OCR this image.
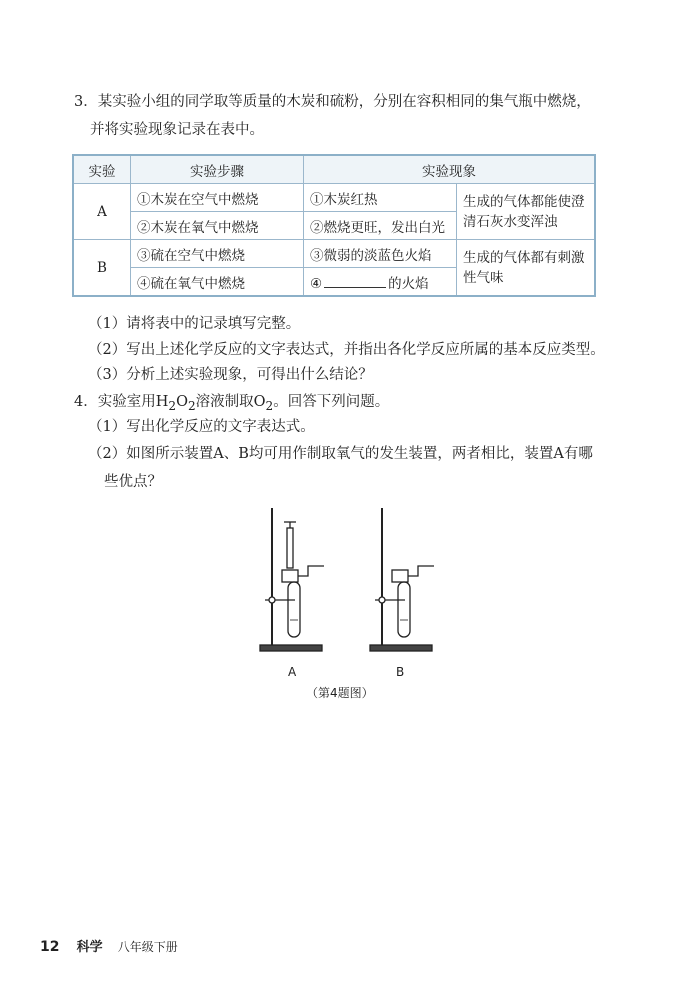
3．某实验小组的同学取等质量的木炭和硫粉，分别在容积相同的集气瓶中燃烧，
并将实验现象记录在表中。
实验	实验步骤	实验现象	
A	①木炭在空气中燃烧	①木炭红热	生成的气体都能使澄清石灰水变浑浊
	②木炭在氧气中燃烧	②燃烧更旺，发出白光	
B	③硫在空气中燃烧	③微弱的淡蓝色火焰	生成的气体都有刺激性气味
	④硫在氧气中燃烧	④ 的火焰	
（1）请将表中的记录填写完整。
（2）写出上述化学反应的文字表达式，并指出各化学反应所属的基本反应类型。
（3）分析上述实验现象，可得出什么结论？
4．实验室用$H_2O_2$溶液制取$O_2$。回答下列问题。
（1）写出化学反应的文字表达式。
（2）如图所示装置A、B均可用作制取氧气的发生装置，两者相比，装置A有哪
些优点？
A	B
（第4题图）
12 科学 八年级下册
